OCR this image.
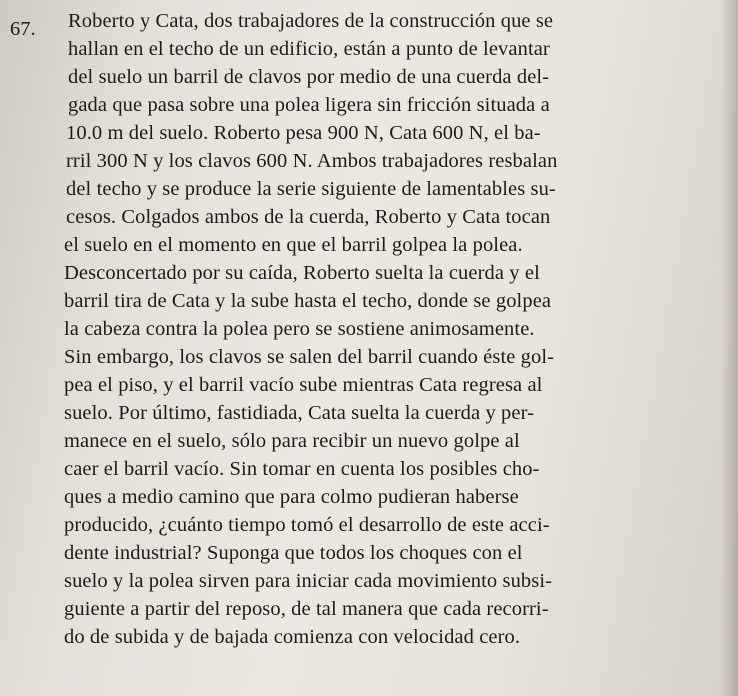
67. Roberto y Cata, dos trabajadores de la construcción que se
hallan en el techo de un edificio, están a punto de levantar
del suelo un barril de clavos por medio de una cuerda del-
gada que pasa sobre una polea ligera sin fricción situada a
10.0 m del suelo. Roberto pesa 900 N, Cata 600 N, el ba-
rril 300 N y los clavos 600 N. Ambos trabajadores resbalan
del techo y se produce la serie siguiente de lamentables su-
cesos. Colgados ambos de la cuerda, Roberto y Cata tocan
el suelo en el momento en que el barril golpea la polea.
Desconcertado por su caída, Roberto suelta la cuerda y el
barril tira de Cata y la sube hasta el techo, donde se golpea
la cabeza contra la polea pero se sostiene animosamente.
Sin embargo, los clavos se salen del barril cuando éste gol-
pea el piso, y el barril vacío sube mientras Cata regresa al
suelo. Por último, fastidiada, Cata suelta la cuerda y per-
manece en el suelo, sólo para recibir un nuevo golpe al
caer el barril vacío. Sin tomar en cuenta los posibles cho-
ques a medio camino que para colmo pudieran haberse
producido, ¿cuánto tiempo tomó el desarrollo de este acci-
dente industrial? Suponga que todos los choques con el
suelo y la polea sirven para iniciar cada movimiento subsi-
guiente a partir del reposo, de tal manera que cada recorri-
do de subida y de bajada comienza con velocidad cero.
